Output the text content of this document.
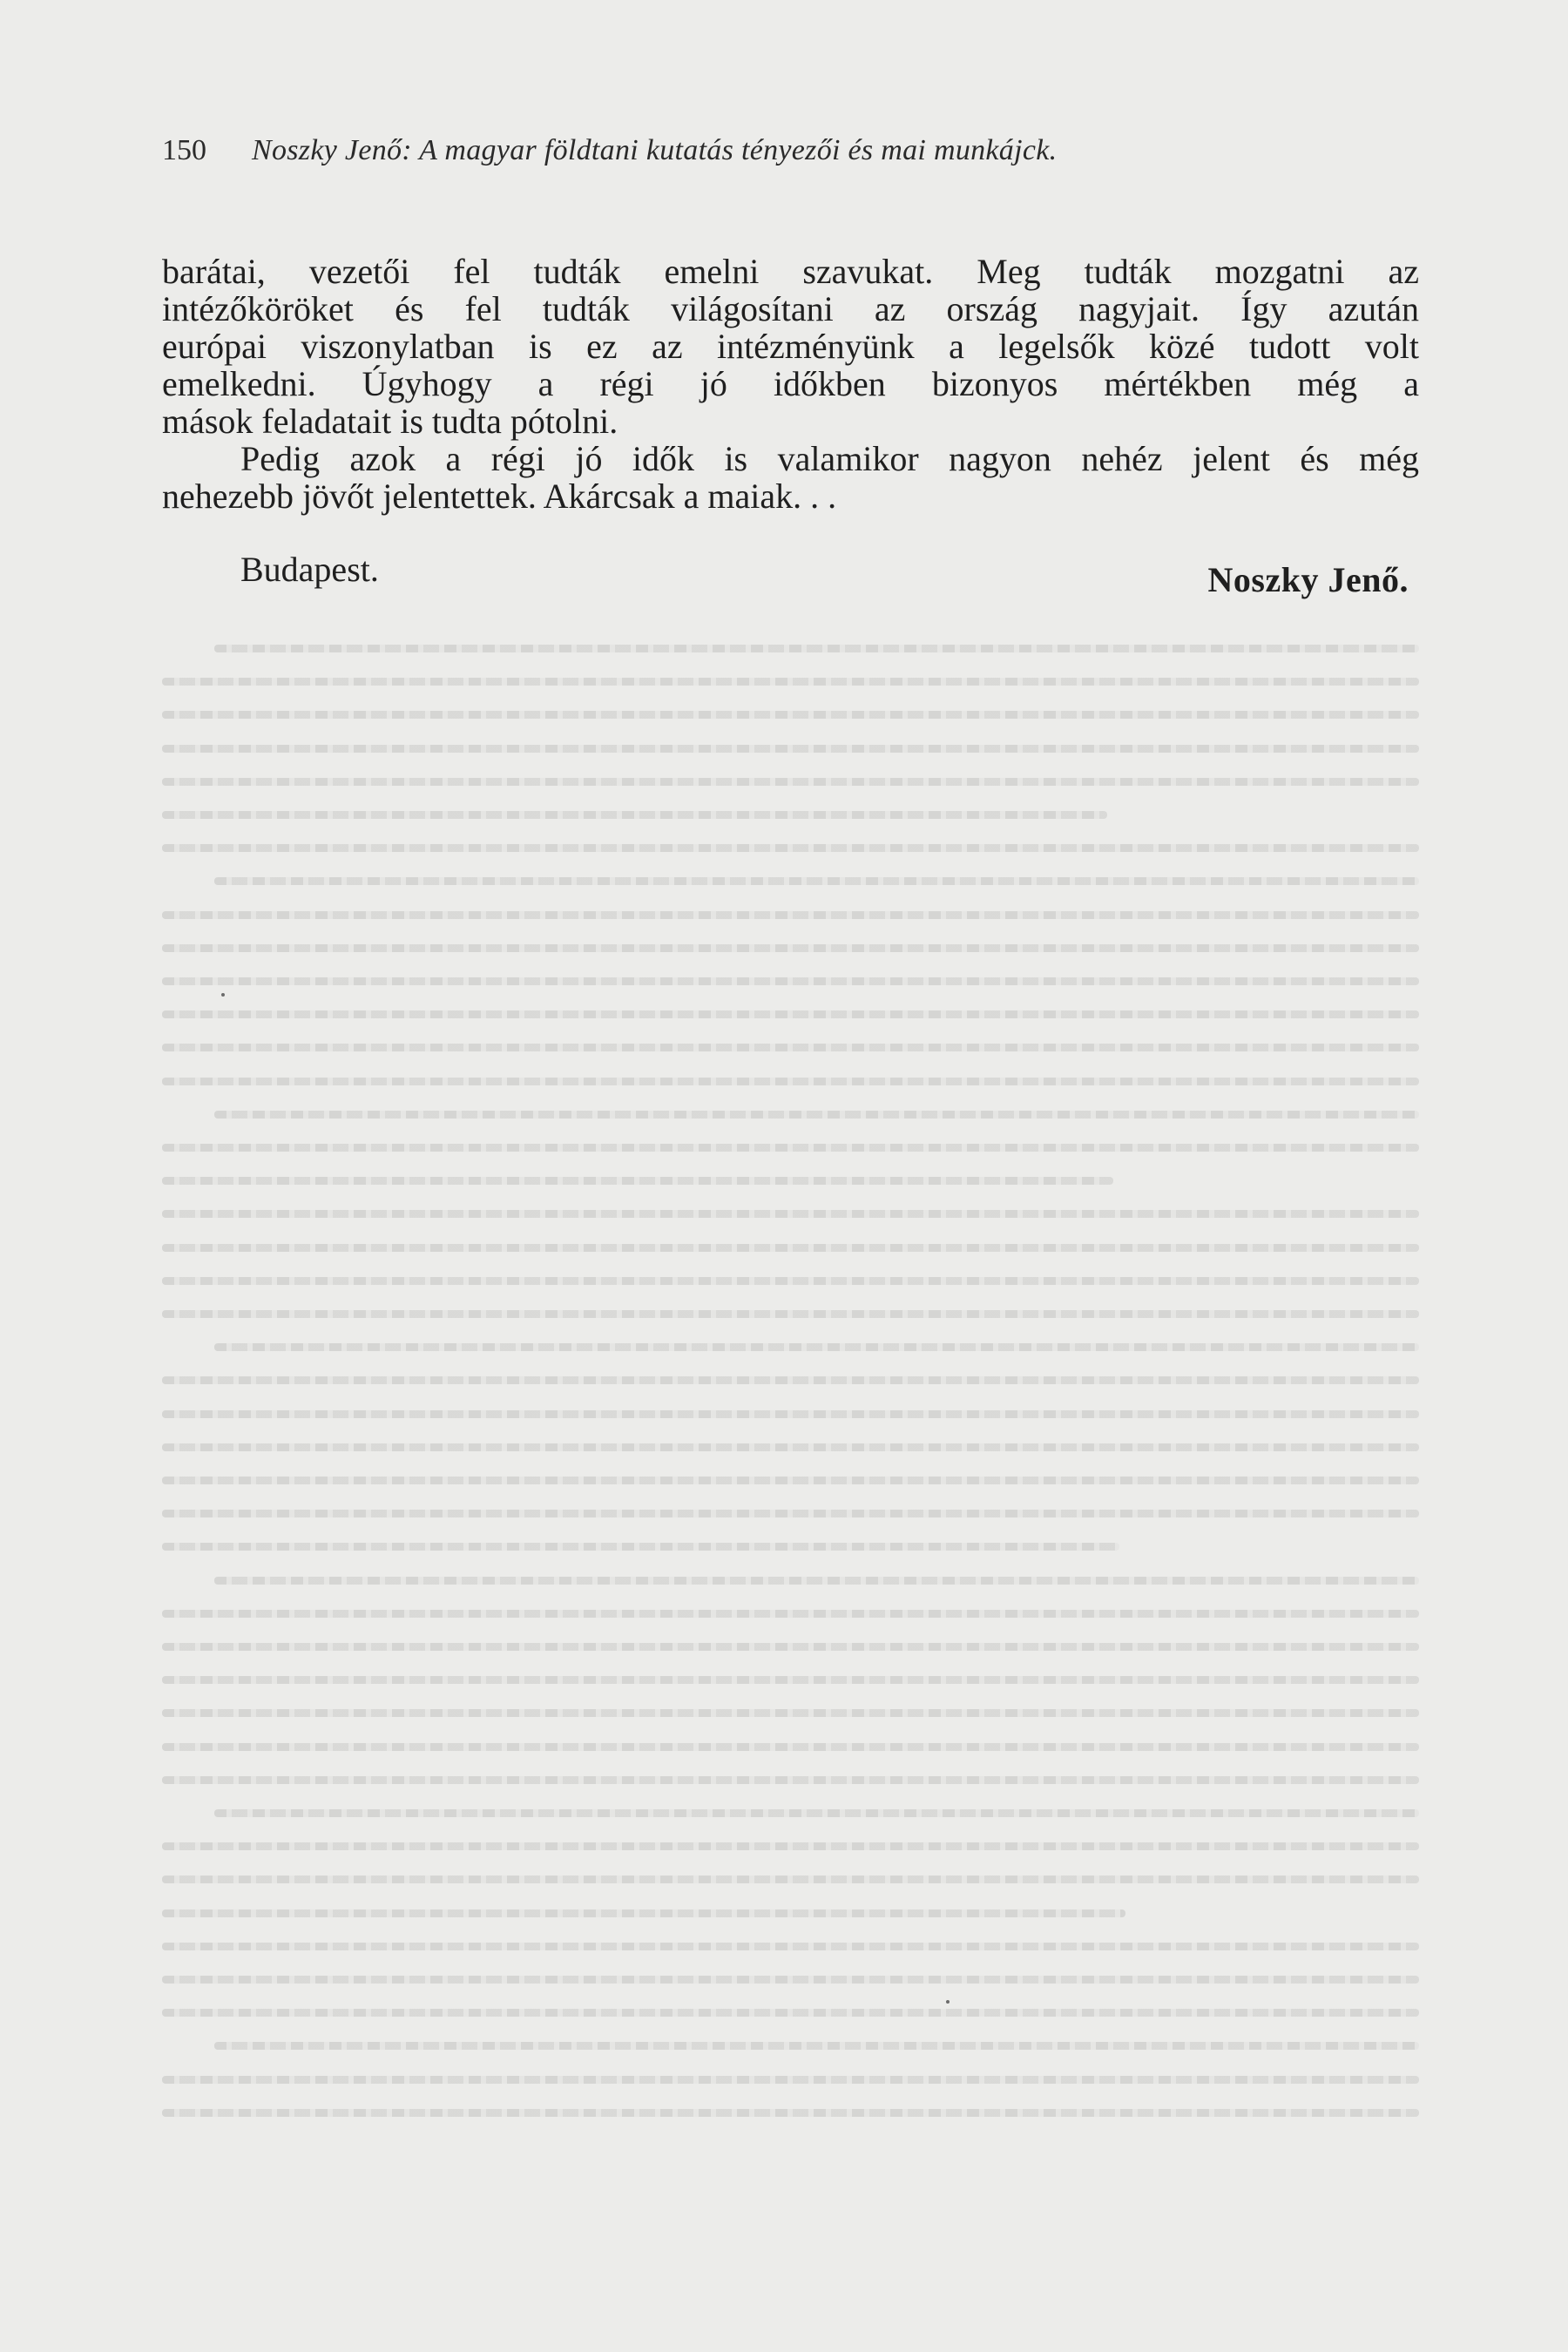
150 Noszky Jenő: A magyar földtani kutatás tényezői és mai munkájck.

barátai, vezetői fel tudták emelni szavukat. Meg tudták mozgatni az
intézőköröket és fel tudták világosítani az ország nagyjait. Így azután
európai viszonylatban is ez az intézményünk a legelsők közé tudott volt
emelkedni. Úgyhogy a régi jó időkben bizonyos mértékben még a
mások feladatait is tudta pótolni.

Pedig azok a régi jó idők is valamikor nagyon nehéz jelent és még
nehezebb jövőt jelentettek. Akárcsak a maiak. . .

Budapest.	Noszky Jenő.
